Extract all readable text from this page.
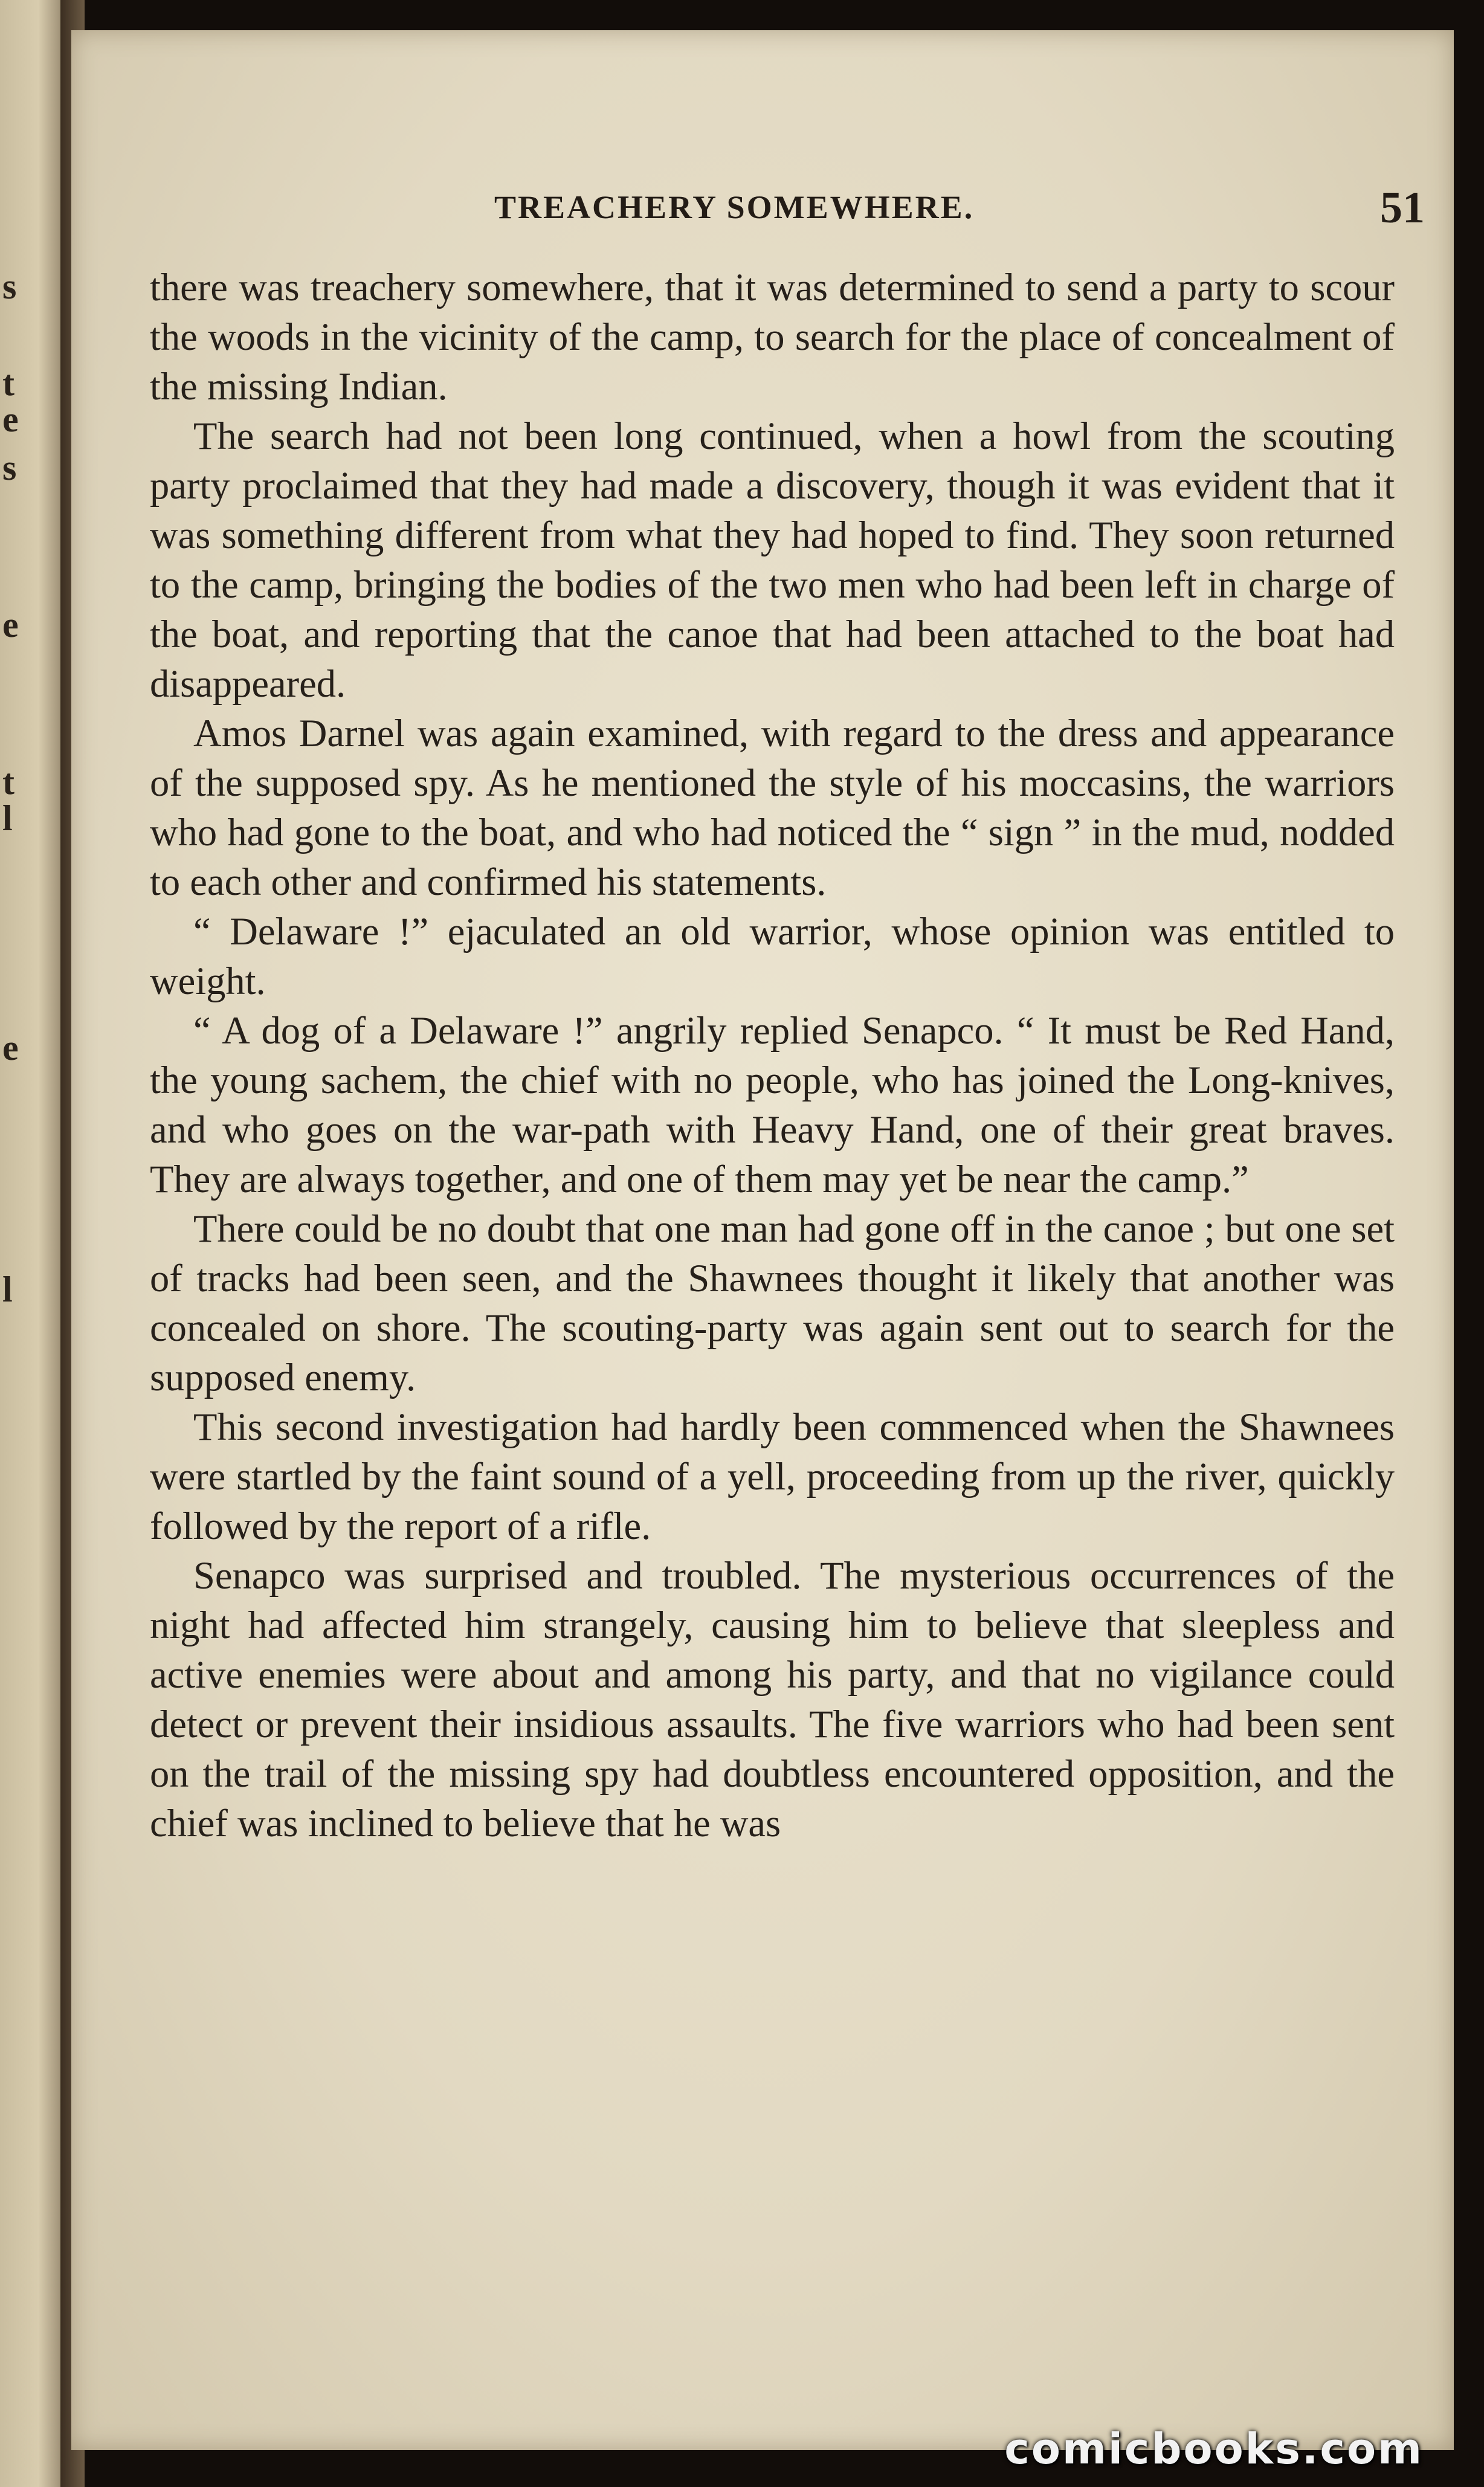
s
t
e
s
e
t
l
e
l
TREACHERY SOMEWHERE.	51

there was treachery somewhere, that it was determined to send a party to scour the woods in the vicinity of the camp, to search for the place of concealment of the missing Indian.

The search had not been long continued, when a howl from the scouting party proclaimed that they had made a discovery, though it was evident that it was something different from what they had hoped to find. They soon returned to the camp, bringing the bodies of the two men who had been left in charge of the boat, and reporting that the canoe that had been attached to the boat had disappeared.

Amos Darnel was again examined, with regard to the dress and appearance of the supposed spy. As he mentioned the style of his moccasins, the warriors who had gone to the boat, and who had noticed the “ sign ” in the mud, nodded to each other and confirmed his statements.

“ Delaware !” ejaculated an old warrior, whose opinion was entitled to weight.

“ A dog of a Delaware !” angrily replied Senapco. “ It must be Red Hand, the young sachem, the chief with no people, who has joined the Long-knives, and who goes on the war-path with Heavy Hand, one of their great braves. They are always together, and one of them may yet be near the camp.”

There could be no doubt that one man had gone off in the canoe ; but one set of tracks had been seen, and the Shawnees thought it likely that another was concealed on shore. The scouting-party was again sent out to search for the supposed enemy.

This second investigation had hardly been commenced when the Shawnees were startled by the faint sound of a yell, proceeding from up the river, quickly followed by the report of a rifle.

Senapco was surprised and troubled. The mysterious occurrences of the night had affected him strangely, causing him to believe that sleepless and active enemies were about and among his party, and that no vigilance could detect or prevent their insidious assaults. The five warriors who had been sent on the trail of the missing spy had doubtless encountered opposition, and the chief was inclined to believe that he was

comicbooks.com
